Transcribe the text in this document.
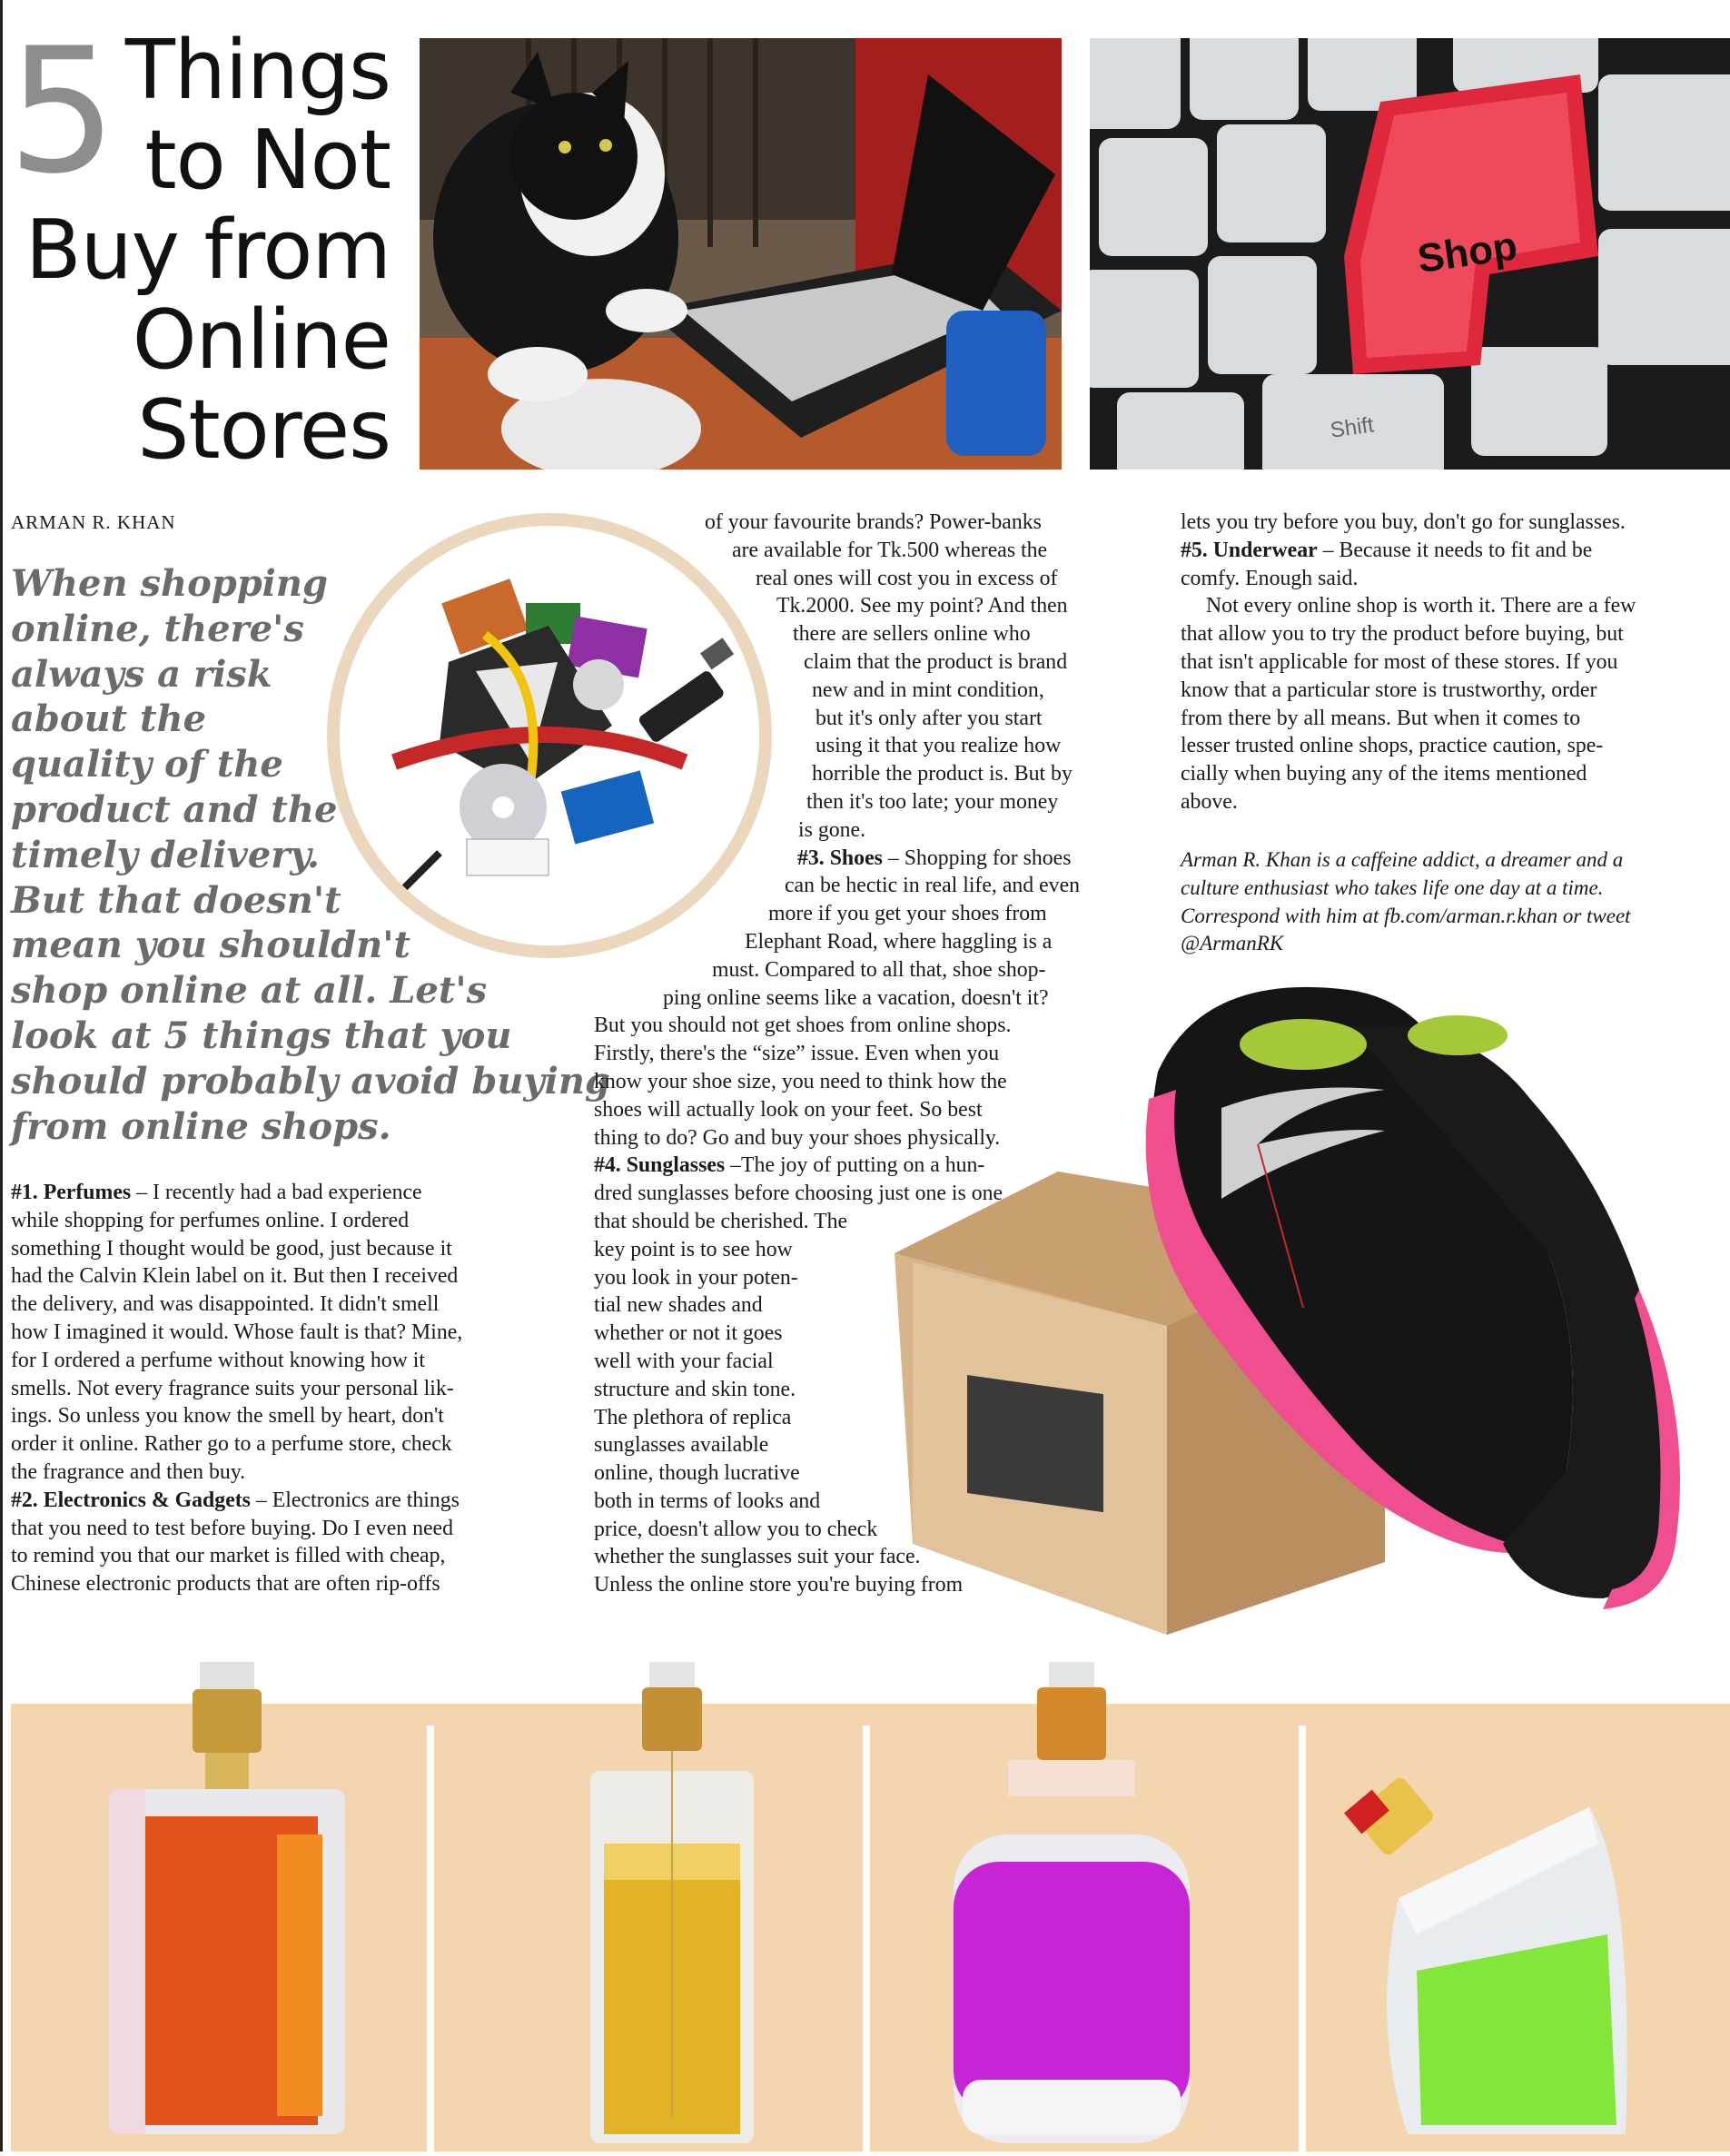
5 Things
to Not
Buy from
Online
Stores
Shop
Shift
ARMAN R. KHAN
When shopping
online, there's
always a risk
about the
quality of the
product and the
timely delivery.
But that doesn't
mean you shouldn't
shop online at all. Let's
look at 5 things that you
should probably avoid buying
from online shops.
#1. Perfumes – I recently had a bad experience
while shopping for perfumes online. I ordered
something I thought would be good, just because it
had the Calvin Klein label on it. But then I received
the delivery, and was disappointed. It didn't smell
how I imagined it would. Whose fault is that? Mine,
for I ordered a perfume without knowing how it
smells. Not every fragrance suits your personal lik-
ings. So unless you know the smell by heart, don't
order it online. Rather go to a perfume store, check
the fragrance and then buy.
#2. Electronics & Gadgets – Electronics are things
that you need to test before buying. Do I even need
to remind you that our market is filled with cheap,
Chinese electronic products that are often rip-offs
of your favourite brands? Power-banks
are available for Tk.500 whereas the
real ones will cost you in excess of
Tk.2000. See my point? And then
there are sellers online who
claim that the product is brand
new and in mint condition,
but it's only after you start
using it that you realize how
horrible the product is. But by
then it's too late; your money
is gone.
#3. Shoes – Shopping for shoes
can be hectic in real life, and even
more if you get your shoes from
Elephant Road, where haggling is a
must. Compared to all that, shoe shop-
ping online seems like a vacation, doesn't it?
But you should not get shoes from online shops.
Firstly, there's the “size” issue. Even when you
know your shoe size, you need to think how the
shoes will actually look on your feet. So best
thing to do? Go and buy your shoes physically.
#4. Sunglasses –The joy of putting on a hun-
dred sunglasses before choosing just one is one
that should be cherished. The
key point is to see how
you look in your poten-
tial new shades and
whether or not it goes
well with your facial
structure and skin tone.
The plethora of replica
sunglasses available
online, though lucrative
both in terms of looks and
price, doesn't allow you to check
whether the sunglasses suit your face.
Unless the online store you're buying from
lets you try before you buy, don't go for sunglasses.
#5. Underwear – Because it needs to fit and be
comfy. Enough said.
Not every online shop is worth it. There are a few
that allow you to try the product before buying, but
that isn't applicable for most of these stores. If you
know that a particular store is trustworthy, order
from there by all means. But when it comes to
lesser trusted online shops, practice caution, spe-
cially when buying any of the items mentioned
above.
Arman R. Khan is a caffeine addict, a dreamer and a
culture enthusiast who takes life one day at a time.
Correspond with him at fb.com/arman.r.khan or tweet
@ArmanRK
